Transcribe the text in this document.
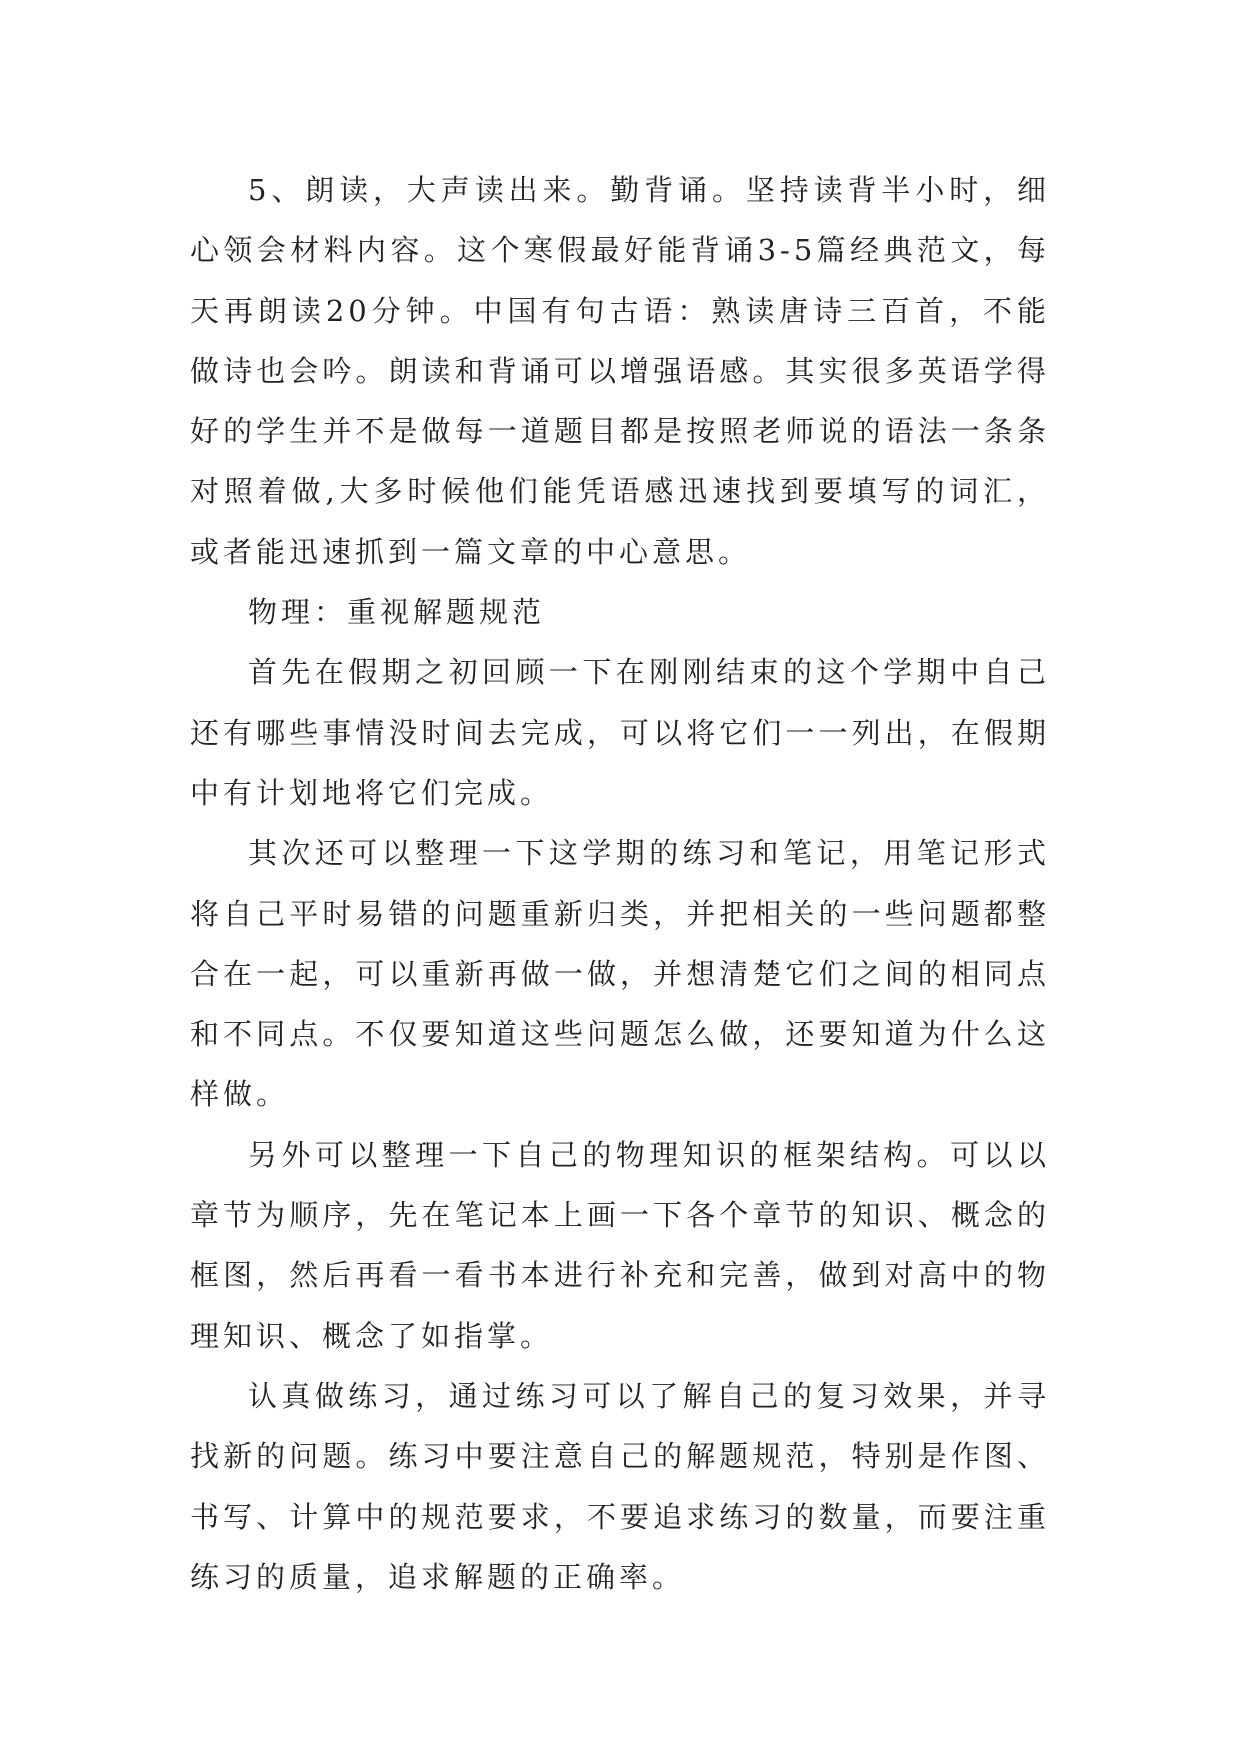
5、朗读，大声读出来。勤背诵。坚持读背半小时，细心领会材料内容。这个寒假最好能背诵3-5篇经典范文，每天再朗读20分钟。中国有句古语：熟读唐诗三百首，不能做诗也会吟。朗读和背诵可以增强语感。其实很多英语学得好的学生并不是做每一道题目都是按照老师说的语法一条条对照着做,大多时候他们能凭语感迅速找到要填写的词汇，或者能迅速抓到一篇文章的中心意思。

物理：重视解题规范

首先在假期之初回顾一下在刚刚结束的这个学期中自己还有哪些事情没时间去完成，可以将它们一一列出，在假期中有计划地将它们完成。

其次还可以整理一下这学期的练习和笔记，用笔记形式将自己平时易错的问题重新归类，并把相关的一些问题都整合在一起，可以重新再做一做，并想清楚它们之间的相同点和不同点。不仅要知道这些问题怎么做，还要知道为什么这样做。

另外可以整理一下自己的物理知识的框架结构。可以以章节为顺序，先在笔记本上画一下各个章节的知识、概念的框图，然后再看一看书本进行补充和完善，做到对高中的物理知识、概念了如指掌。

认真做练习，通过练习可以了解自己的复习效果，并寻找新的问题。练习中要注意自己的解题规范，特别是作图、书写、计算中的规范要求，不要追求练习的数量，而要注重练习的质量，追求解题的正确率。
